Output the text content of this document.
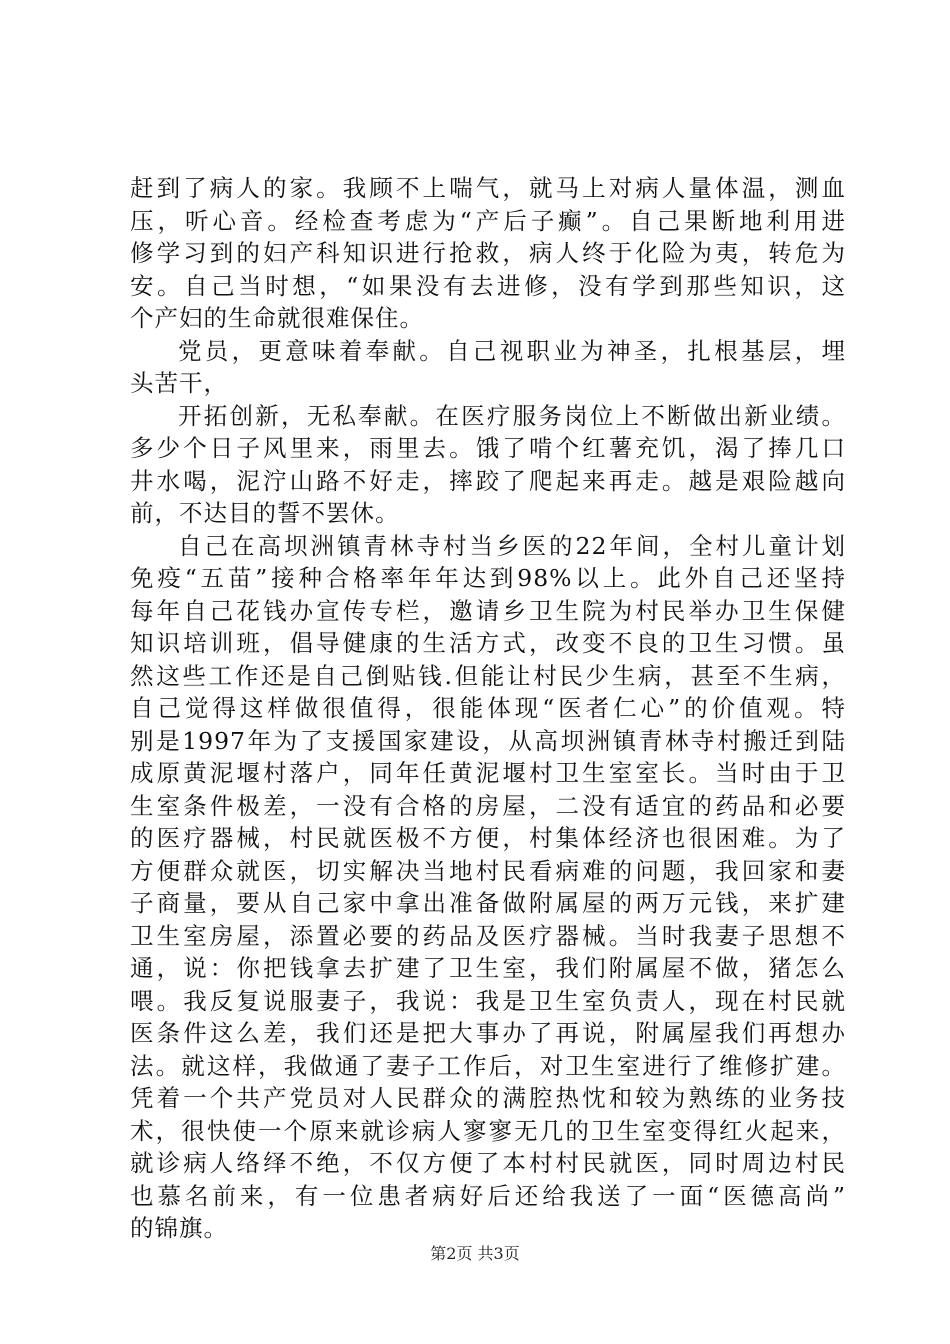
赶到了病人的家。我顾不上喘气，就马上对病人量体温，测血
压，听心音。经检查考虑为“产后子癫”。自己果断地利用进
修学习到的妇产科知识进行抢救，病人终于化险为夷，转危为
安。自己当时想，“如果没有去进修，没有学到那些知识，这
个产妇的生命就很难保住。
党员，更意味着奉献。自己视职业为神圣，扎根基层，埋
头苦干，
开拓创新，无私奉献。在医疗服务岗位上不断做出新业绩。
多少个日子风里来，雨里去。饿了啃个红薯充饥，渴了捧几口
井水喝，泥泞山路不好走，摔跤了爬起来再走。越是艰险越向
前，不达目的誓不罢休。
自己在高坝洲镇青林寺村当乡医的22年间，全村儿童计划
免疫“五苗”接种合格率年年达到98%以上。此外自己还坚持
每年自己花钱办宣传专栏，邀请乡卫生院为村民举办卫生保健
知识培训班，倡导健康的生活方式，改变不良的卫生习惯。虽
然这些工作还是自己倒贴钱.但能让村民少生病，甚至不生病，
自己觉得这样做很值得，很能体现“医者仁心”的价值观。特
别是1997年为了支援国家建设，从高坝洲镇青林寺村搬迁到陆
成原黄泥堰村落户，同年任黄泥堰村卫生室室长。当时由于卫
生室条件极差，一没有合格的房屋，二没有适宜的药品和必要
的医疗器械，村民就医极不方便，村集体经济也很困难。为了
方便群众就医，切实解决当地村民看病难的问题，我回家和妻
子商量，要从自己家中拿出准备做附属屋的两万元钱，来扩建
卫生室房屋，添置必要的药品及医疗器械。当时我妻子思想不
通，说：你把钱拿去扩建了卫生室，我们附属屋不做，猪怎么
喂。我反复说服妻子，我说：我是卫生室负责人，现在村民就
医条件这么差，我们还是把大事办了再说，附属屋我们再想办
法。就这样，我做通了妻子工作后，对卫生室进行了维修扩建。
凭着一个共产党员对人民群众的满腔热忱和较为熟练的业务技
术，很快使一个原来就诊病人寥寥无几的卫生室变得红火起来，
就诊病人络绎不绝，不仅方便了本村村民就医，同时周边村民
也慕名前来，有一位患者病好后还给我送了一面“医德高尚”
的锦旗。
第2页 共3页
